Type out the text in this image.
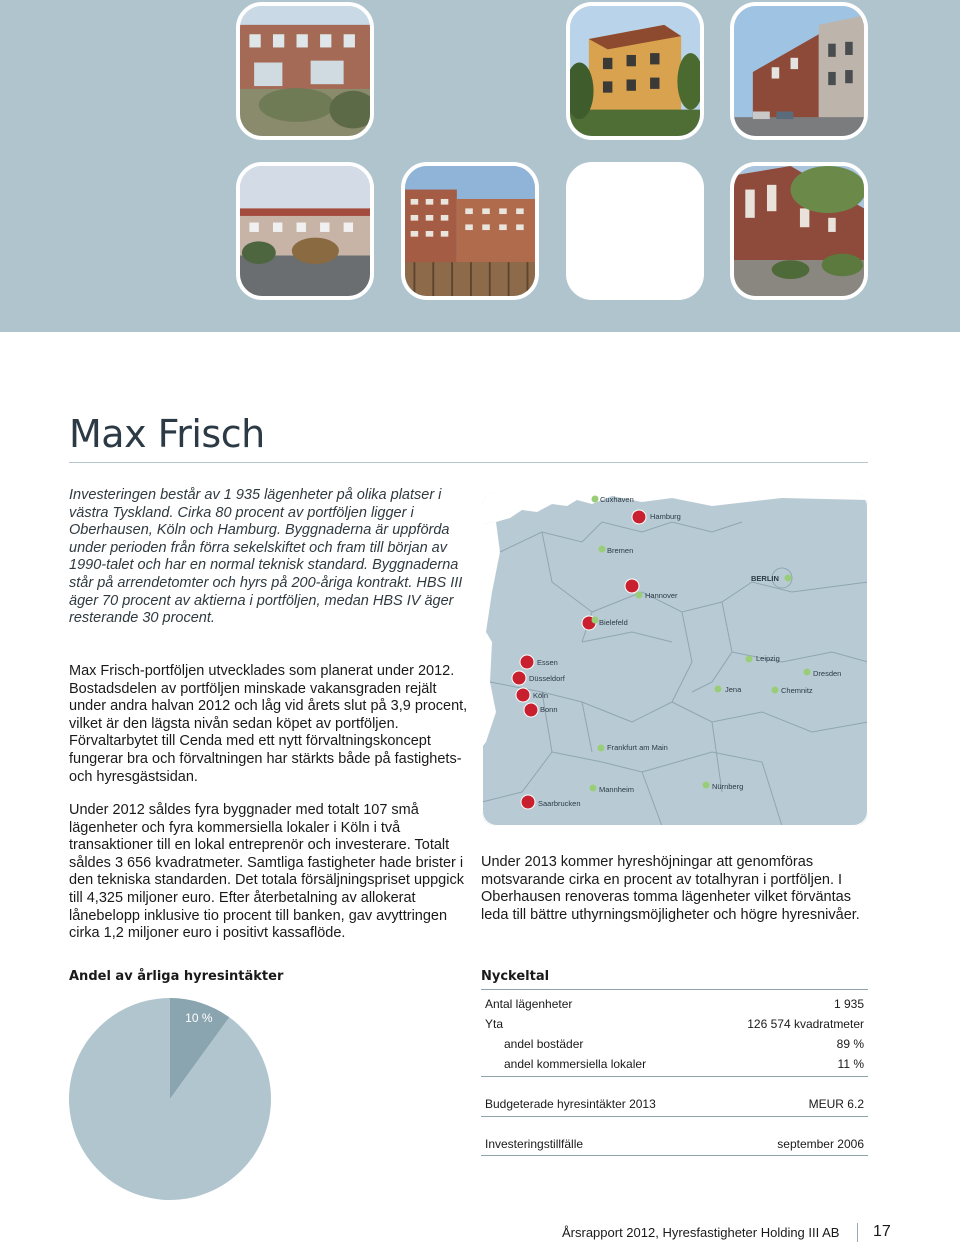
Max Frisch

Investeringen består av 1 935 lägenheter på olika platser i västra Tyskland. Cirka 80 procent av portföljen ligger i Oberhausen, Köln och Hamburg. Byggnaderna är uppförda under perioden från förra sekelskiftet och fram till början av 1990-talet och har en normal teknisk standard. Byggnaderna står på arrendetomter och hyrs på 200-åriga kontrakt. HBS III äger 70 procent av aktierna i portföljen, medan HBS IV äger resterande 30 procent.

Max Frisch-portföljen utvecklades som planerat under 2012. Bostadsdelen av portföljen minskade vakansgraden rejält under andra halvan 2012 och låg vid årets slut på 3,9 procent, vilket är den lägsta nivån sedan köpet av portföljen. Förvaltarbytet till Cenda med ett nytt förvaltningskoncept fungerar bra och förvaltningen har stärkts både på fastighets- och hyresgästsidan.

Under 2012 såldes fyra byggnader med totalt 107 små lägenheter och fyra kommersiella lokaler i Köln i två transaktioner till en lokal entreprenör och investerare. Totalt såldes 3 656 kvadratmeter. Samtliga fastigheter hade brister i den tekniska standarden. Det totala försäljningspriset uppgick till 4,325 miljoner euro. Efter återbetalning av allokerat lånebelopp inklusive tio procent till banken, gav avyttringen cirka 1,2 miljoner euro i positivt kassaflöde.

Under 2013 kommer hyreshöjningar att genomföras motsvarande cirka en procent av totalhyran i portföljen. I Oberhausen renoveras tomma lägenheter vilket förväntas leda till bättre uthyrningsmöjligheter och högre hyresnivåer.

Cuxhaven
Hamburg
Bremen
Hannover
BERLIN
Bielefeld
Essen
Düsseldorf
Köln
Bonn
Leipzig
Dresden
Jena	Chemnitz
Frankfurt am Main
Mannheim	Nürnberg
Saarbrucken
Andel av årliga hyresintäkter
10 %
Nyckeltal
Antal lägenheter	1 935
Yta	126 574 kvadratmeter
andel bostäder	89 %
andel kommersiella lokaler	11 %
Budgeterade hyresintäkter 2013	MEUR 6.2
Investeringstillfälle	september 2006
Årsrapport 2012, Hyresfastigheter Holding III AB 17
